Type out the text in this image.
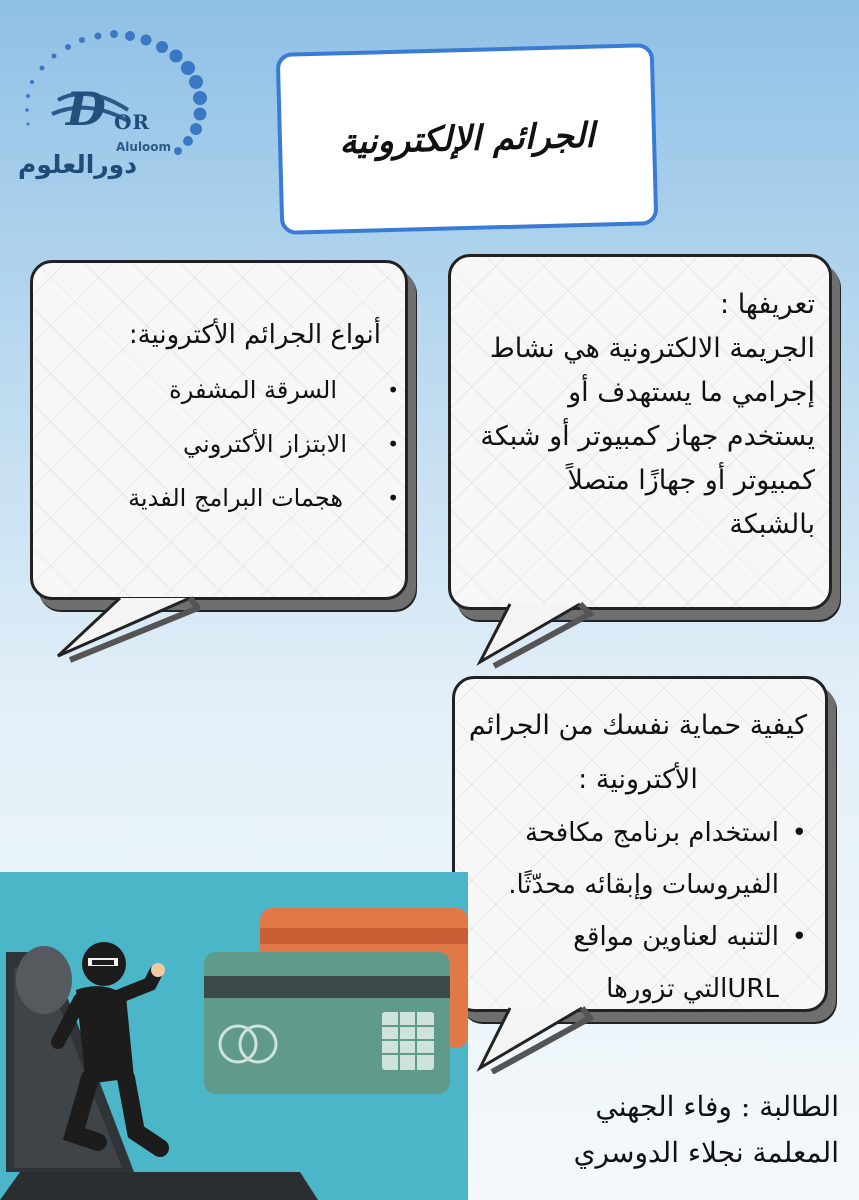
D OR
Aluloom
دورالعلوم
الجرائم الإلكترونية
تعريفها :
الجريمة الالكترونية هي نشاط
إجرامي ما يستهدف أو
يستخدم جهاز كمبيوتر أو شبكة
كمبيوتر أو جهازًا متصلاً
بالشبكة
أنواع الجرائم الأكترونية:
• السرقة المشفرة
• الابتزاز الأكتروني
• هجمات البرامج الفدية
كيفية حماية نفسك من الجرائم
الأكترونية :
•
استخدام برنامج مكافحة
الفيروسات وإبقائه محدّثًا.
•
التنبه لعناوين مواقع
URLالتي تزورها
الطالبة : وفاء الجهني
المعلمة نجلاء الدوسري
